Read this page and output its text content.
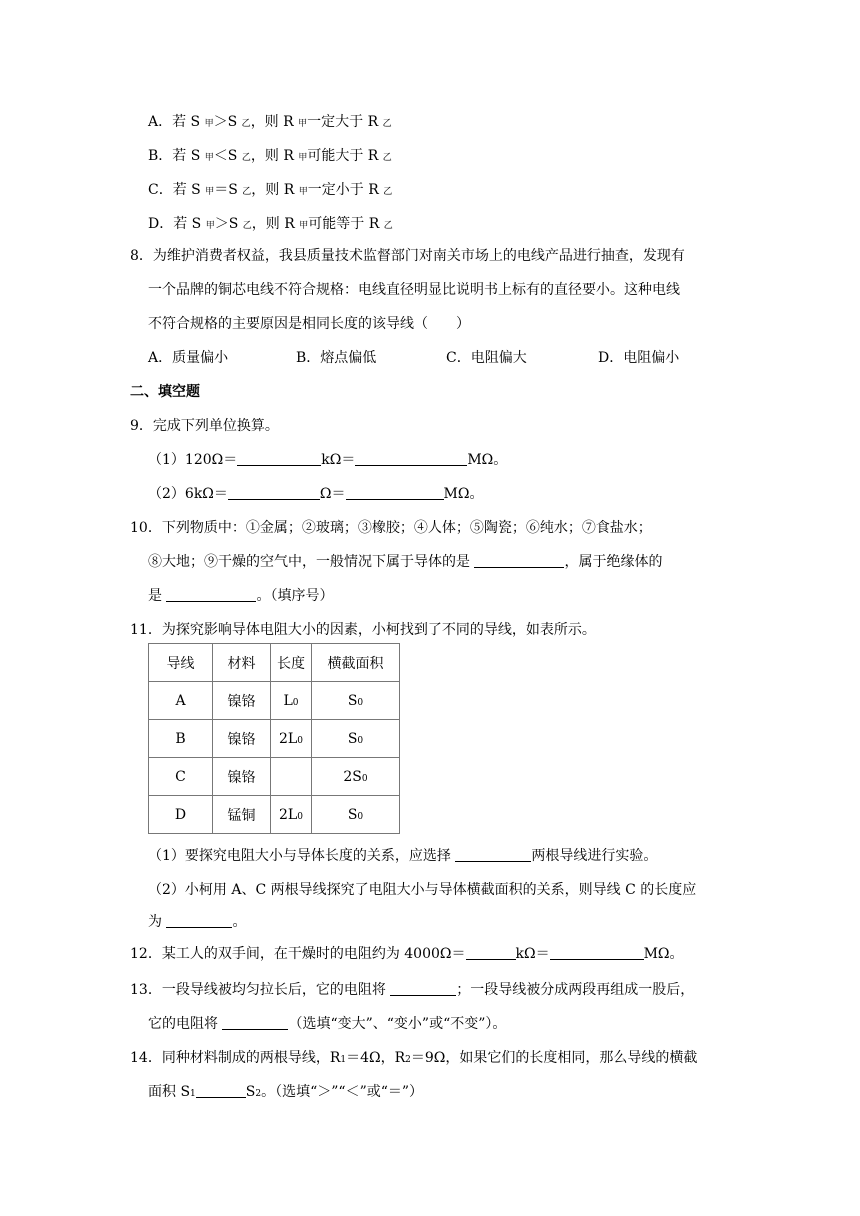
A．若 S 甲＞S 乙，则 R 甲一定大于 R 乙
B．若 S 甲＜S 乙，则 R 甲可能大于 R 乙
C．若 S 甲＝S 乙，则 R 甲一定小于 R 乙
D．若 S 甲＞S 乙，则 R 甲可能等于 R 乙
8．为维护消费者权益，我县质量技术监督部门对南关市场上的电线产品进行抽查，发现有
一个品牌的铜芯电线不符合规格：电线直径明显比说明书上标有的直径要小。这种电线
不符合规格的主要原因是相同长度的该导线（　　）
A．质量偏小	B．熔点偏低	C．电阻偏大	D．电阻偏小
二、填空题
9．完成下列单位换算。
（1）120Ω＝	kΩ＝	MΩ。
（2）6kΩ＝	Ω＝	MΩ。
10．下列物质中：①金属；②玻璃；③橡胶；④人体；⑤陶瓷；⑥纯水；⑦食盐水；
⑧大地；⑨干燥的空气中，一般情况下属于导体的是	，属于绝缘体的
是	。（填序号）
11．为探究影响导体电阻大小的因素，小柯找到了不同的导线，如表所示。
导线	材料	长度	横截面积
A	镍铬	L0	S0
B	镍铬	2L0	S0
C	镍铬		2S0
D	锰铜	2L0	S0
（1）要探究电阻大小与导体长度的关系，应选择	两根导线进行实验。
（2）小柯用 A、C 两根导线探究了电阻大小与导体横截面积的关系，则导线 C 的长度应
为	。
12．某工人的双手间，在干燥时的电阻约为 4000Ω＝	kΩ＝	MΩ。
13．一段导线被均匀拉长后，它的电阻将	；一段导线被分成两段再组成一股后，
它的电阻将	（选填“变大”、“变小”或“不变”）。
14．同种材料制成的两根导线，R1＝4Ω，R2＝9Ω，如果它们的长度相同，那么导线的横截
面积 S1	S2。（选填“＞”“＜”或“＝”）
